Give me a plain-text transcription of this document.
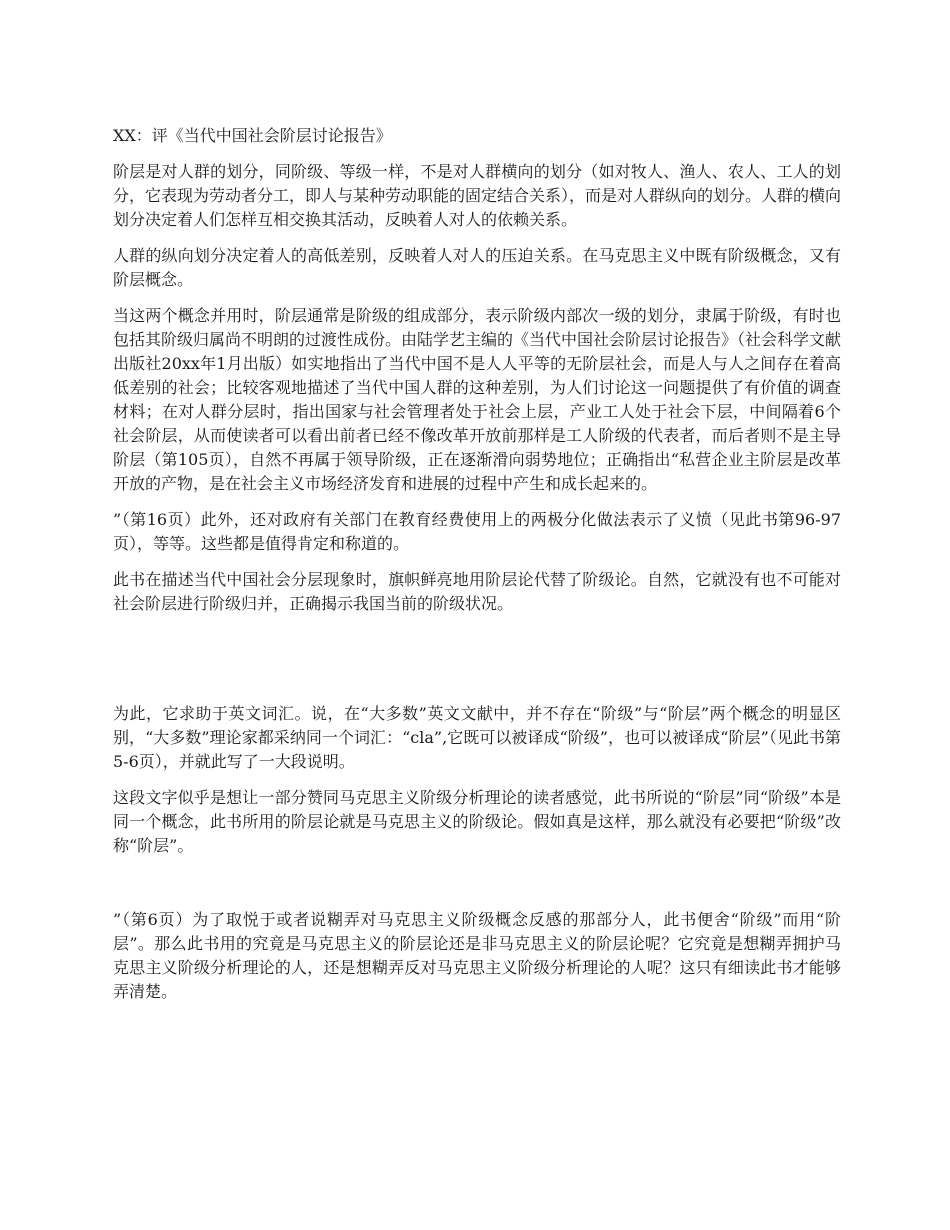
XX：评《当代中国社会阶层讨论报告》

阶层是对人群的划分，同阶级、等级一样，不是对人群横向的划分（如对牧人、渔人、农人、工人的划分，它表现为劳动者分工，即人与某种劳动职能的固定结合关系），而是对人群纵向的划分。人群的横向划分决定着人们怎样互相交换其活动，反映着人对人的依赖关系。

人群的纵向划分决定着人的高低差别，反映着人对人的压迫关系。在马克思主义中既有阶级概念，又有阶层概念。

当这两个概念并用时，阶层通常是阶级的组成部分，表示阶级内部次一级的划分，隶属于阶级，有时也包括其阶级归属尚不明朗的过渡性成份。由陆学艺主编的《当代中国社会阶层讨论报告》（社会科学文献出版社20xx年1月出版）如实地指出了当代中国不是人人平等的无阶层社会，而是人与人之间存在着高低差别的社会；比较客观地描述了当代中国人群的这种差别，为人们讨论这一问题提供了有价值的调查材料；在对人群分层时，指出国家与社会管理者处于社会上层，产业工人处于社会下层，中间隔着6个社会阶层，从而使读者可以看出前者已经不像改革开放前那样是工人阶级的代表者，而后者则不是主导阶层（第105页），自然不再属于领导阶级，正在逐渐滑向弱势地位；正确指出“私营企业主阶层是改革开放的产物，是在社会主义市场经济发育和进展的过程中产生和成长起来的。

”（第16页）此外，还对政府有关部门在教育经费使用上的两极分化做法表示了义愤（见此书第96-97页），等等。这些都是值得肯定和称道的。

此书在描述当代中国社会分层现象时，旗帜鲜亮地用阶层论代替了阶级论。自然，它就没有也不可能对社会阶层进行阶级归并，正确揭示我国当前的阶级状况。

为此，它求助于英文词汇。说，在“大多数”英文文献中，并不存在“阶级”与“阶层”两个概念的明显区别，“大多数”理论家都采纳同一个词汇：“cla”,它既可以被译成“阶级”，也可以被译成“阶层”（见此书第5-6页），并就此写了一大段说明。

这段文字似乎是想让一部分赞同马克思主义阶级分析理论的读者感觉，此书所说的“阶层”同“阶级”本是同一个概念，此书所用的阶层论就是马克思主义的阶级论。假如真是这样，那么就没有必要把“阶级”改称“阶层”。

”（第6页）为了取悦于或者说糊弄对马克思主义阶级概念反感的那部分人，此书便舍“阶级”而用“阶层”。那么此书用的究竟是马克思主义的阶层论还是非马克思主义的阶层论呢？它究竟是想糊弄拥护马克思主义阶级分析理论的人，还是想糊弄反对马克思主义阶级分析理论的人呢？这只有细读此书才能够弄清楚。
